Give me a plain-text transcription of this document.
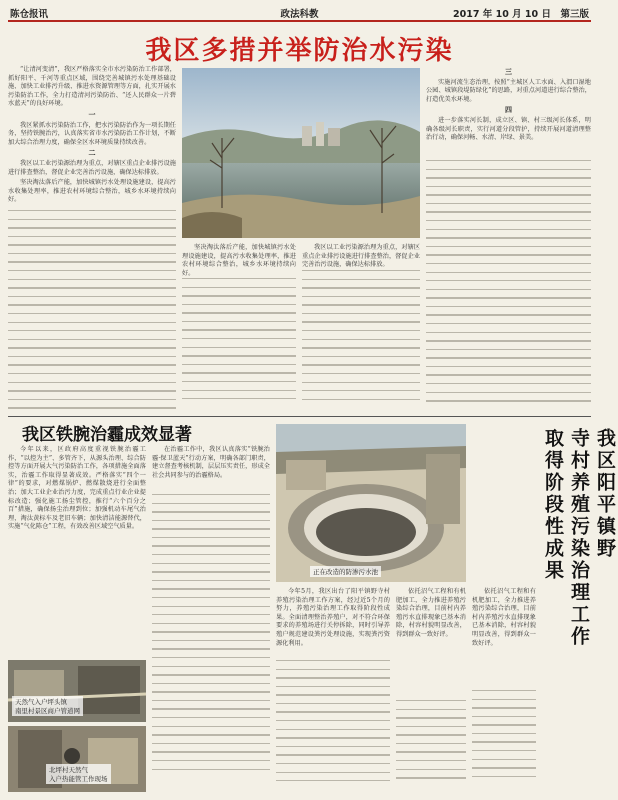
陈仓报讯	政法科教	2017 年 10 月 10 日　 第三版
我区多措并举防治水污染

“让清河变清”，我区严格落实全市水污染防治工作部署，抓好阳平、千河等重点区域，围绕完善城镇污水处理基础设施、加快工业排污升级、推进水资源管理等方面，扎实开展水污染防治工作，全力打造清河污染防治、“还人民群众一片碧水蓝天”的良好环境。

一

我区紧抓水污染防治工作，把水污染防治作为一项长期任务，坚持铁腕治污，认真落实省市水污染防治工作计划，不断加大综合治理力度，确保全区水环境质量持续改善。

二

我区以工业污染源治理为重点，对辖区重点企业排污设施进行排查整治，督促企业完善治污设施，确保达标排放。

坚决淘汰落后产能，加快城镇污水处理设施建设，提高污水收集处理率，推进农村环境综合整治，城乡水环境持续向好。

坚决淘汰落后产能，加快城镇污水处理设施建设，提高污水收集处理率，推进农村环境综合整治，城乡水环境持续向好。

我区以工业污染源治理为重点，对辖区重点企业排污设施进行排查整治，督促企业完善治污设施，确保达标排放。

三

实施河流生态治理，按照“主城区人工水面、入渭口湿地公园、城镇段堤防绿化”的思路，对重点河道进行综合整治，打造优美水环境。

四

进一步落实河长制，成立区、镇、村三级河长体系，明确各级河长职责，实行河道分段管护，持续开展河道清理整治行动，确保河畅、水清、岸绿、景美。

我区铁腕治霾成效显著

今年以来，区政府高度重视铁腕治霾工作，“以控为主”、多管齐下，从源头治理、综合防控等方面开展大气污染防治工作，各项措施全面落实，治霾工作取得显著成效。严格落实“四个一律”的要求，对燃煤锅炉、燃煤散烧进行全面整治；加大工业企业治污力度，完成重点行业企业提标改造；强化施工扬尘管控，推行“六个百分之百”措施，确保扬尘治理到位；加强机动车尾气治理，淘汰黄标车及老旧车辆；加快清洁能源替代，实施“气化陈仓”工程，有效改善区域空气质量。

在治霾工作中，我区认真落实“铁腕治霾·保卫蓝天”行动方案，明确各部门职责，建立督查考核机制，层层压实责任，形成全社会共同参与的治霾格局。

天然气入户坪头镇
南里村景区商户管道网
北坪村天然气
入户热能管工作现场
正在改造的防渗污水池
我区阳平镇野
寺村养殖污染治理工作
取得阶段性成果

今年5月，我区出台了阳平镇野寺村养殖污染治理工作方案，经过近5个月的努力，养殖污染治理工作取得阶段性成果。全面清理整治养殖户，对不符合环保要求的养殖场进行关停拆除，同时引导养殖户规范建设粪污处理设施，实现粪污资源化利用。

依托沼气工程和有机肥加工，全力推进养殖污染综合治理，目前村内养殖污水直排现象已基本消除，村容村貌明显改善，得到群众一致好评。

依托沼气工程和有机肥加工，全力推进养殖污染综合治理，目前村内养殖污水直排现象已基本消除，村容村貌明显改善，得到群众一致好评。
